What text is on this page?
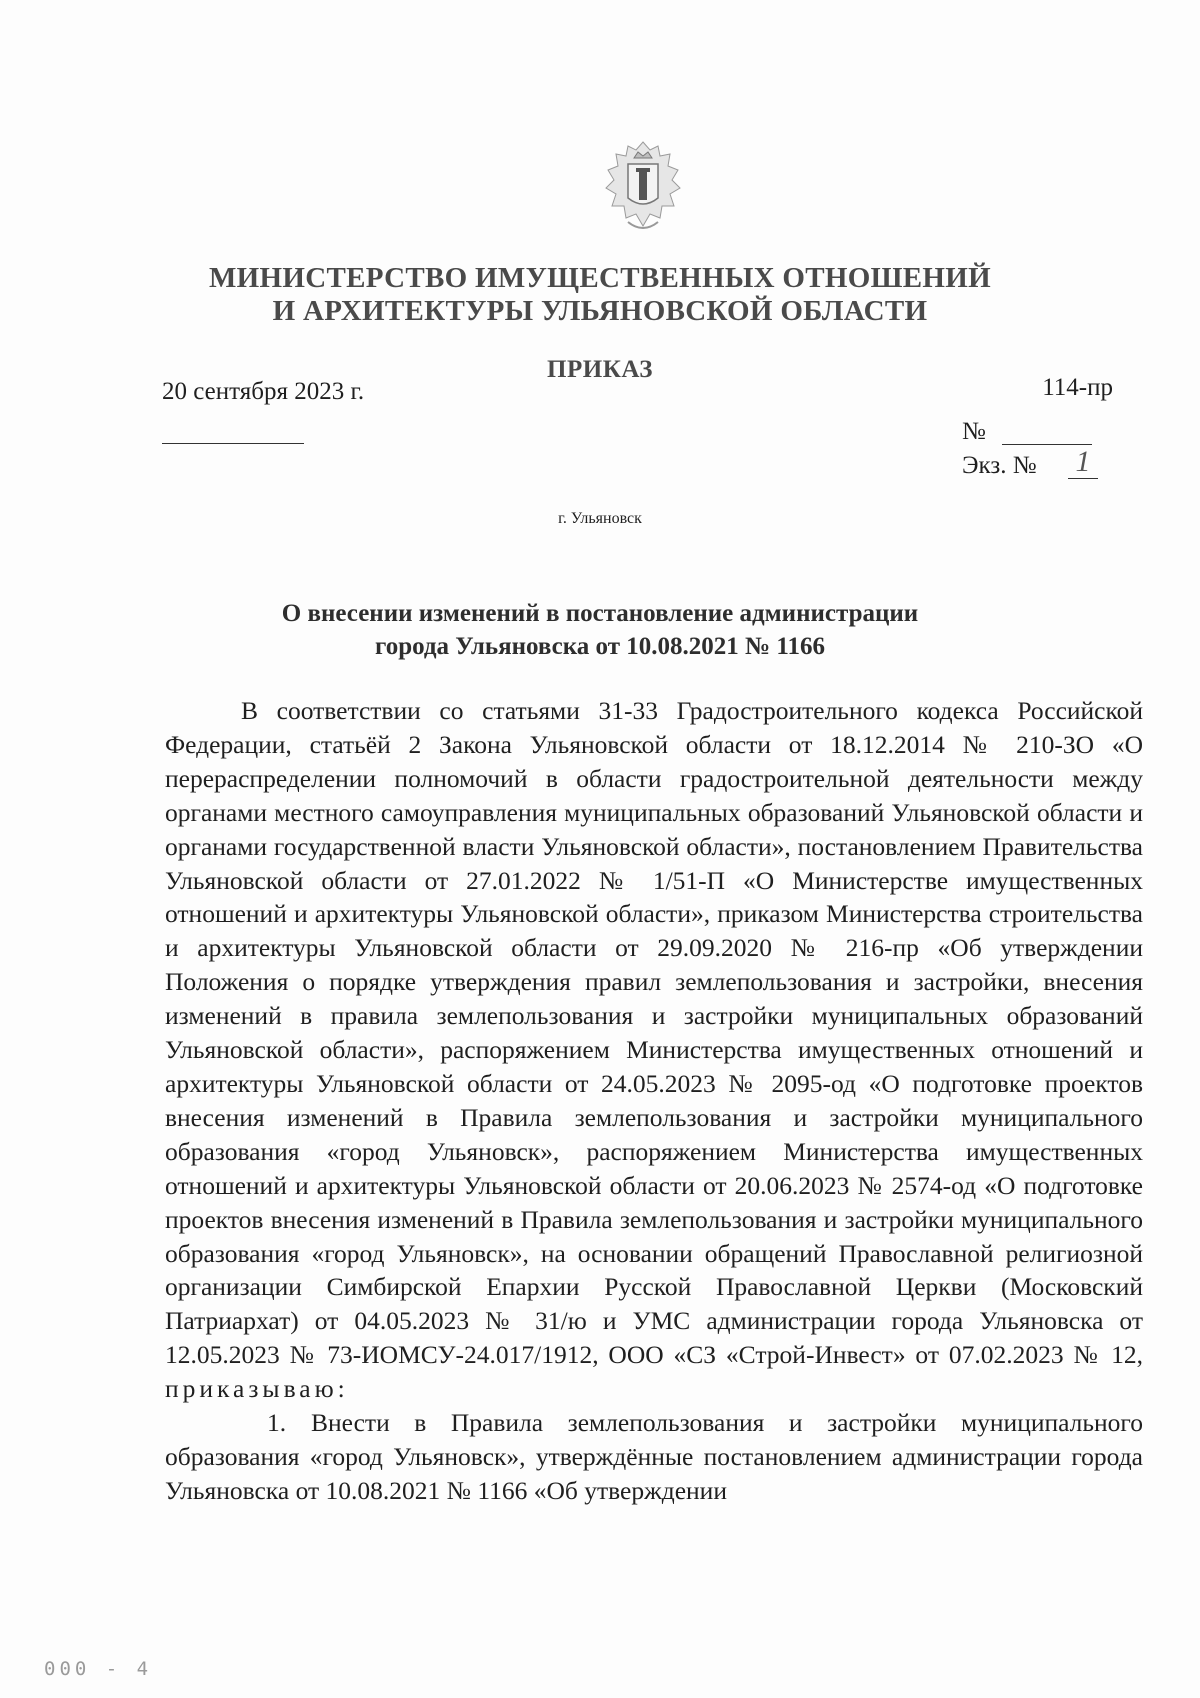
МИНИСТЕРСТВО ИМУЩЕСТВЕННЫХ ОТНОШЕНИЙ
И АРХИТЕКТУРЫ УЛЬЯНОВСКОЙ ОБЛАСТИ
ПРИКАЗ
20 сентября 2023 г.	114-пр
№
Экз. № 1
г. Ульяновск
О внесении изменений в постановление администрации
города Ульяновска от 10.08.2021 № 1166

В соответствии со статьями 31-33 Градостроительного кодекса Российской Федерации, статьёй 2 Закона Ульяновской области от 18.12.2014 № 210-ЗО «О перераспределении полномочий в области градостроительной деятельности между органами местного самоуправления муниципальных образований Ульяновской области и органами государственной власти Ульяновской области», постановлением Правительства Ульяновской области от 27.01.2022 № 1/51-П «О Министерстве имущественных отношений и архитектуры Ульяновской области», приказом Министерства строительства и архитектуры Ульяновской области от 29.09.2020 № 216-пр «Об утверждении Положения о порядке утверждения правил землепользования и застройки, внесения изменений в правила землепользования и застройки муниципальных образований Ульяновской области», распоряжением Министерства имущественных отношений и архитектуры Ульяновской области от 24.05.2023 № 2095-од «О подготовке проектов внесения изменений в Правила землепользования и застройки муниципального образования «город Ульяновск», распоряжением Министерства имущественных отношений и архитектуры Ульяновской области от 20.06.2023 № 2574-од «О подготовке проектов внесения изменений в Правила землепользования и застройки муниципального образования «город Ульяновск», на основании обращений Православной религиозной организации Симбирской Епархии Русской Православной Церкви (Московский Патриархат) от 04.05.2023 № 31/ю и УМС администрации города Ульяновска от 12.05.2023 № 73-ИОМСУ-24.017/1912, ООО «СЗ «Строй-Инвест» от 07.02.2023 № 12, приказываю:

1. Внести в Правила землепользования и застройки муниципального образования «город Ульяновск», утверждённые постановлением администрации города Ульяновска от 10.08.2021 № 1166 «Об утверждении

000 - 4
